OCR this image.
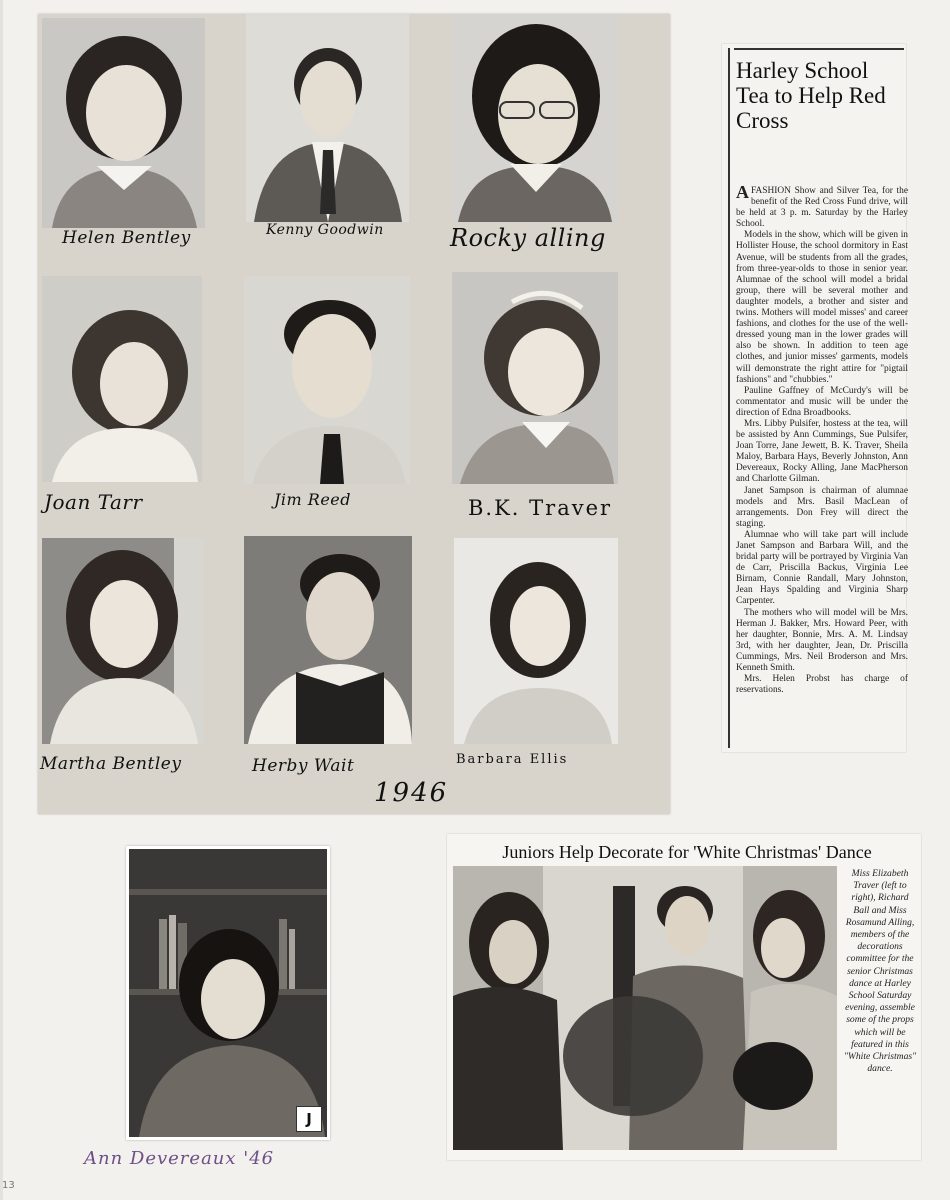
Helen Bentley	Kenny Goodwin	Rocky alling
Joan Tarr	Jim Reed	B.K. Traver
Martha Bentley	Herby Wait	Barbara Ellis
1946
Harley School Tea to Help Red Cross

AFASHION Show and Silver Tea, for the benefit of the Red Cross Fund drive, will be held at 3 p. m. Saturday by the Harley School.

Models in the show, which will be given in Hollister House, the school dormitory in East Avenue, will be students from all the grades, from three-year-olds to those in senior year. Alumnae of the school will model a bridal group, there will be several mother and daughter models, a brother and sister and twins. Mothers will model misses' and career fashions, and clothes for the use of the well-dressed young man in the lower grades will also be shown. In addition to teen age clothes, and junior misses' garments, models will demonstrate the right attire for "pigtail fashions" and "chubbies."

Pauline Gaffney of McCurdy's will be commentator and music will be under the direction of Edna Broadbooks.

Mrs. Libby Pulsifer, hostess at the tea, will be assisted by Ann Cummings, Sue Pulsifer, Joan Torre, Jane Jewett, B. K. Traver, Sheila Maloy, Barbara Hays, Beverly Johnston, Ann Devereaux, Rocky Alling, Jane MacPherson and Charlotte Gilman.

Janet Sampson is chairman of alumnae models and Mrs. Basil MacLean of arrangements. Don Frey will direct the staging.

Alumnae who will take part will include Janet Sampson and Barbara Will, and the bridal party will be portrayed by Virginia Van de Carr, Priscilla Backus, Virginia Lee Birnam, Connie Randall, Mary Johnston, Jean Hays Spalding and Virginia Sharp Carpenter.

The mothers who will model will be Mrs. Herman J. Bakker, Mrs. Howard Peer, with her daughter, Bonnie, Mrs. A. M. Lindsay 3rd, with her daughter, Jean, Dr. Priscilla Cummings, Mrs. Neil Broderson and Mrs. Kenneth Smith.

Mrs. Helen Probst has charge of reservations.

J
Ann Devereaux '46
Juniors Help Decorate for 'White Christmas' Dance
Miss Elizabeth Traver (left to right), Richard Ball and Miss Rosamund Alling, members of the decorations committee for the senior Christmas dance at Harley School Saturday evening, assemble some of the props which will be featured in this "White Christmas" dance.
13
